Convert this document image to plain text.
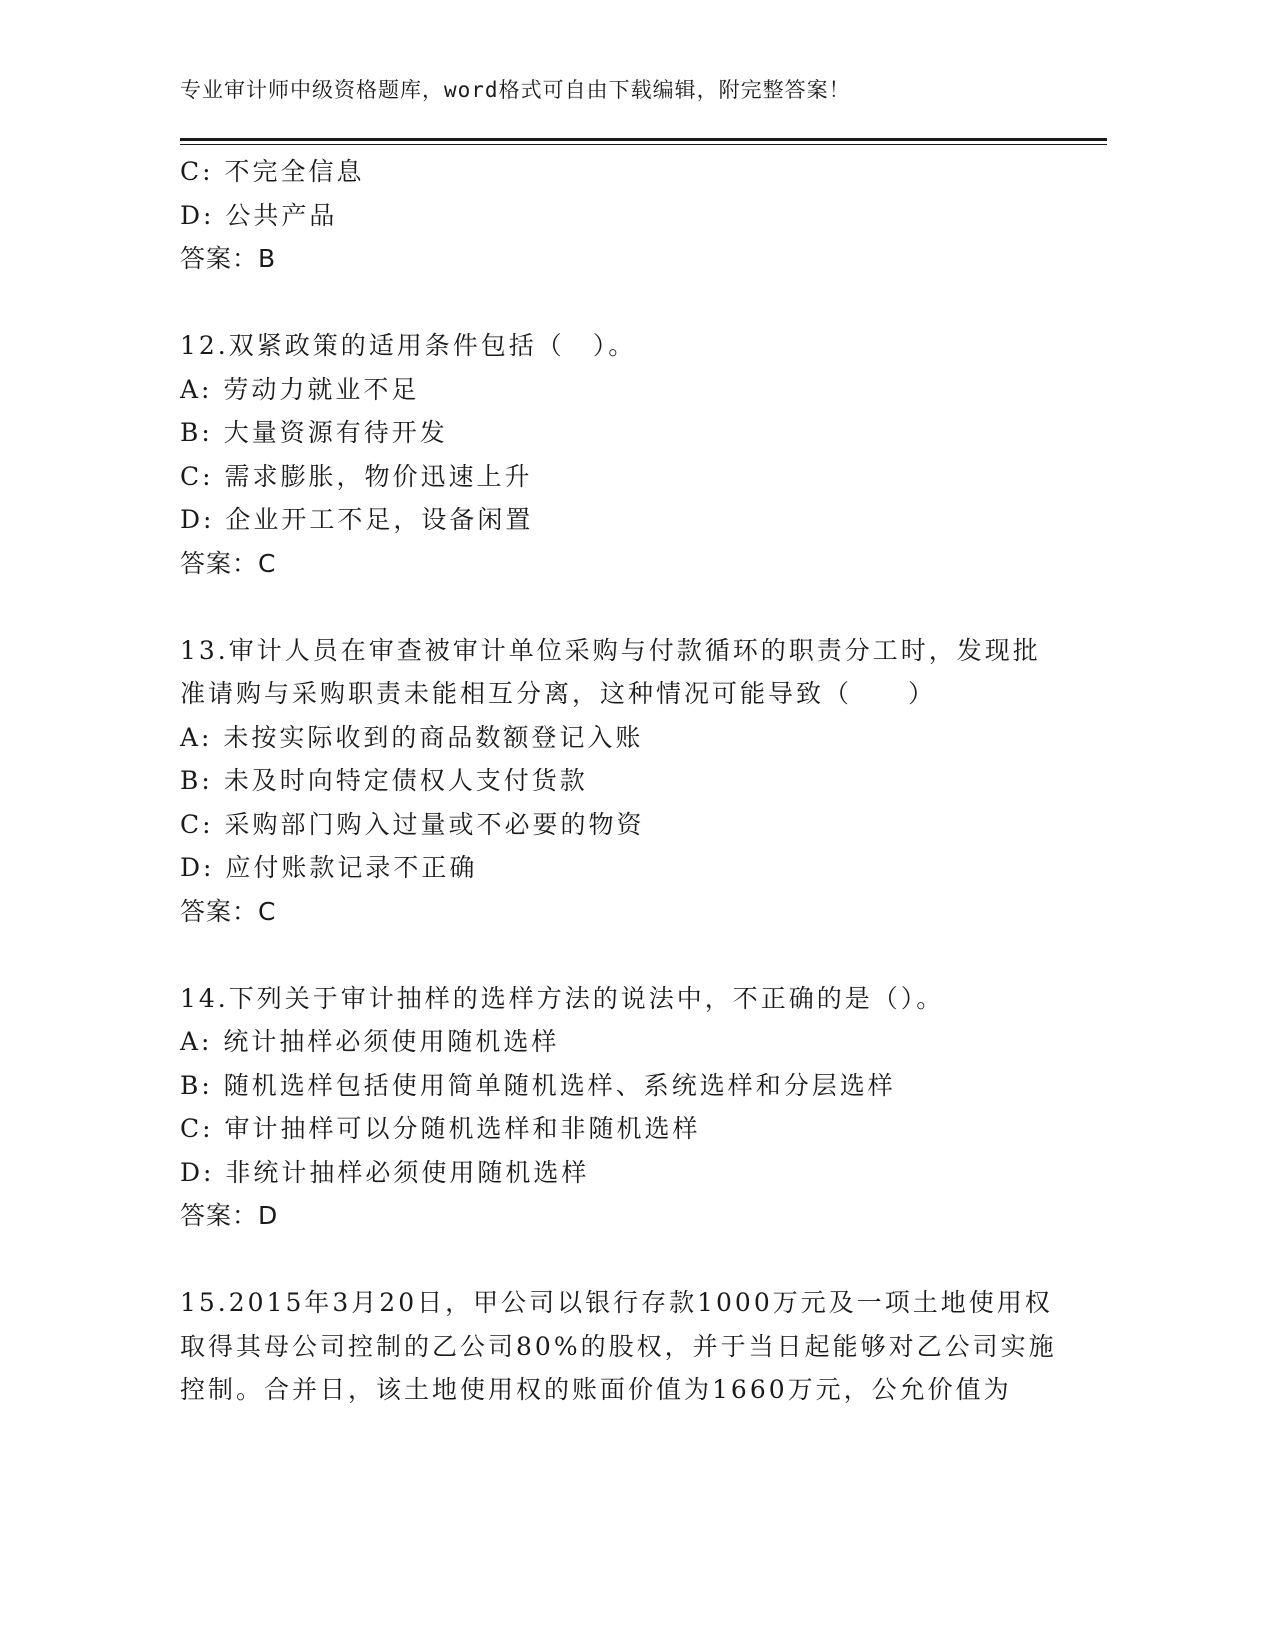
专业审计师中级资格题库，word格式可自由下载编辑，附完整答案！
C: 不完全信息
D: 公共产品
答案：B
12.双紧政策的适用条件包括（　）。
A: 劳动力就业不足
B: 大量资源有待开发
C: 需求膨胀，物价迅速上升
D: 企业开工不足，设备闲置
答案：C
13.审计人员在审查被审计单位采购与付款循环的职责分工时，发现批
准请购与采购职责未能相互分离，这种情况可能导致（　　）
A: 未按实际收到的商品数额登记入账
B: 未及时向特定债权人支付货款
C: 采购部门购入过量或不必要的物资
D: 应付账款记录不正确
答案：C
14.下列关于审计抽样的选样方法的说法中，不正确的是（）。
A: 统计抽样必须使用随机选样
B: 随机选样包括使用简单随机选样、系统选样和分层选样
C: 审计抽样可以分随机选样和非随机选样
D: 非统计抽样必须使用随机选样
答案：D
15.2015年3月20日，甲公司以银行存款1000万元及一项土地使用权
取得其母公司控制的乙公司80%的股权，并于当日起能够对乙公司实施
控制。合并日，该土地使用权的账面价值为1660万元，公允价值为
